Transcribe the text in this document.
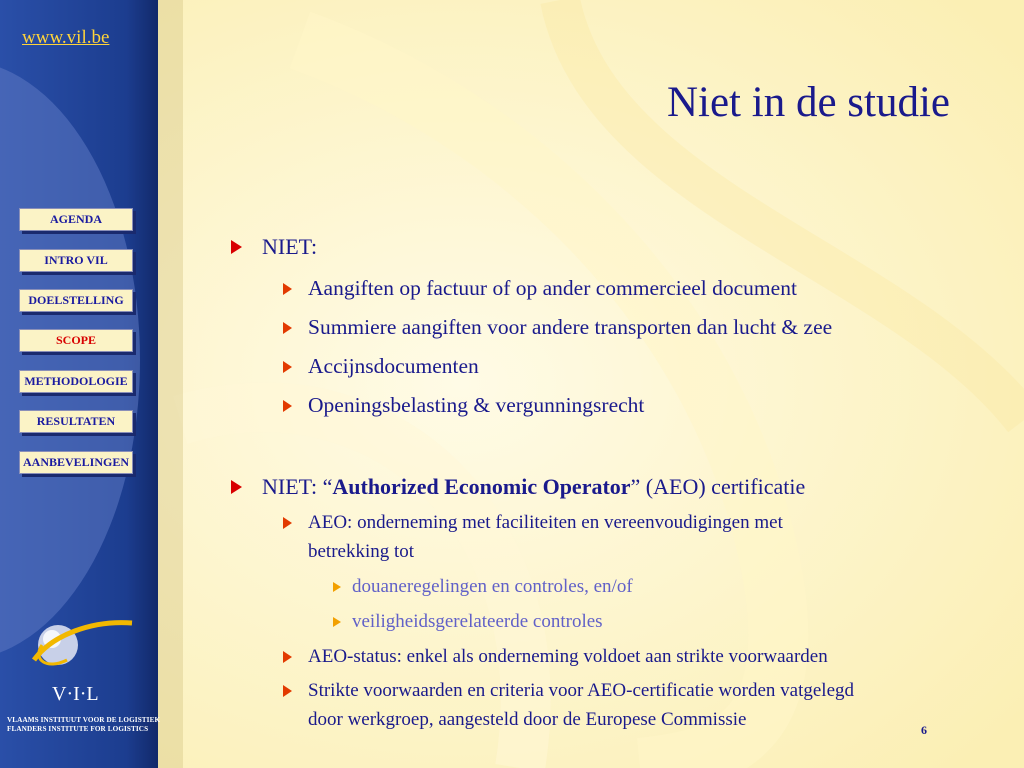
www.vil.be
AGENDA
INTRO VIL
DOELSTELLING
SCOPE
METHODOLOGIE
RESULTATEN
AANBEVELINGEN
V·I·L
VLAAMS INSTITUUT VOOR DE LOGISTIEK
FLANDERS INSTITUTE FOR LOGISTICS
Niet in de studie
NIET:
Aangiften op factuur of op ander commercieel document
Summiere aangiften voor andere transporten dan lucht & zee
Accijnsdocumenten
Openingsbelasting & vergunningsrecht
NIET: “Authorized Economic Operator” (AEO) certificatie
AEO: onderneming met faciliteiten en vereenvoudigingen met
betrekking tot
douaneregelingen en controles, en/of
veiligheidsgerelateerde controles
AEO-status: enkel als onderneming voldoet aan strikte voorwaarden
Strikte voorwaarden en criteria voor AEO-certificatie worden vatgelegd
door werkgroep, aangesteld door de Europese Commissie	6
